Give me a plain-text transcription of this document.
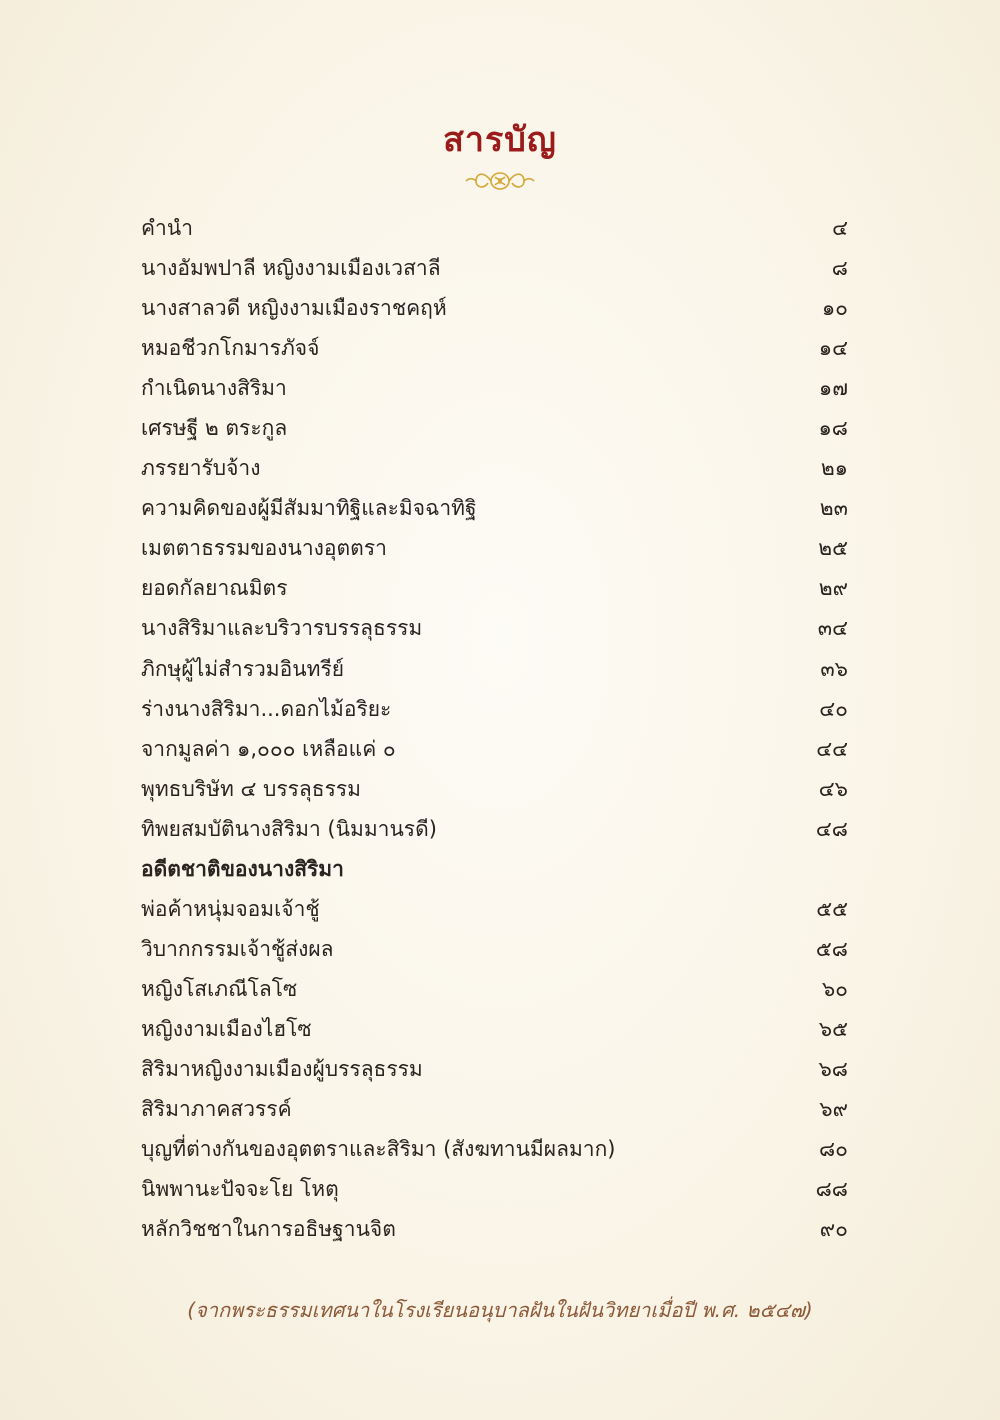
สารบัญ
คำนำ	๔
นางอัมพปาลี หญิงงามเมืองเวสาลี	๘
นางสาลวดี หญิงงามเมืองราชคฤห์	๑๐
หมอชีวกโกมารภัจจ์	๑๔
กำเนิดนางสิริมา	๑๗
เศรษฐี ๒ ตระกูล	๑๘
ภรรยารับจ้าง	๒๑
ความคิดของผู้มีสัมมาทิฐิและมิจฉาทิฐิ	๒๓
เมตตาธรรมของนางอุตตรา	๒๕
ยอดกัลยาณมิตร	๒๙
นางสิริมาและบริวารบรรลุธรรม	๓๔
ภิกษุผู้ไม่สำรวมอินทรีย์	๓๖
ร่างนางสิริมา...ดอกไม้อริยะ	๔๐
จากมูลค่า ๑,๐๐๐ เหลือแค่ ๐	๔๔
พุทธบริษัท ๔ บรรลุธรรม	๔๖
ทิพยสมบัตินางสิริมา (นิมมานรดี)	๔๘
อดีตชาติของนางสิริมา
พ่อค้าหนุ่มจอมเจ้าชู้	๕๕
วิบากกรรมเจ้าชู้ส่งผล	๕๘
หญิงโสเภณีโลโซ	๖๐
หญิงงามเมืองไฮโซ	๖๕
สิริมาหญิงงามเมืองผู้บรรลุธรรม	๖๘
สิริมาภาคสวรรค์	๖๙
บุญที่ต่างกันของอุตตราและสิริมา (สังฆทานมีผลมาก)	๘๐
นิพพานะปัจจะโย โหตุ	๘๘
หลักวิชชาในการอธิษฐานจิต	๙๐
(จากพระธรรมเทศนาในโรงเรียนอนุบาลฝันในฝันวิทยาเมื่อปี พ.ศ. ๒๕๔๗)
